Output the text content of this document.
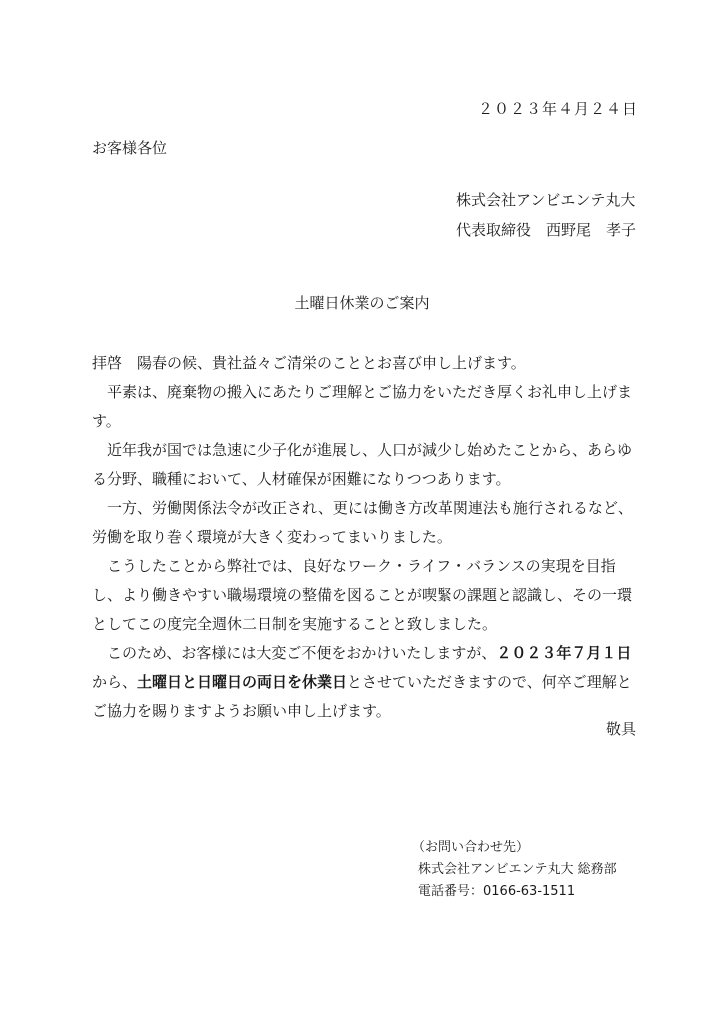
２０２３年４月２４日
お客様各位
株式会社アンビエンテ丸大
代表取締役　西野尾　孝子
土曜日休業のご案内

拝啓　陽春の候、貴社益々ご清栄のこととお喜び申し上げます。

平素は、廃棄物の搬入にあたりご理解とご協力をいただき厚くお礼申し上げます。

近年我が国では急速に少子化が進展し、人口が減少し始めたことから、あらゆる分野、職種において、人材確保が困難になりつつあります。

一方、労働関係法令が改正され、更には働き方改革関連法も施行されるなど、労働を取り巻く環境が大きく変わってまいりました。

こうしたことから弊社では、良好なワーク・ライフ・バランスの実現を目指し、より働きやすい職場環境の整備を図ることが喫緊の課題と認識し、その一環としてこの度完全週休二日制を実施することと致しました。

このため、お客様には大変ご不便をおかけいたしますが、２０２３年７月１日から、土曜日と日曜日の両日を休業日とさせていただきますので、何卒ご理解とご協力を賜りますようお願い申し上げます。

敬具
（お問い合わせ先）
株式会社アンビエンテ丸大 総務部
電話番号：0166-63-1511
